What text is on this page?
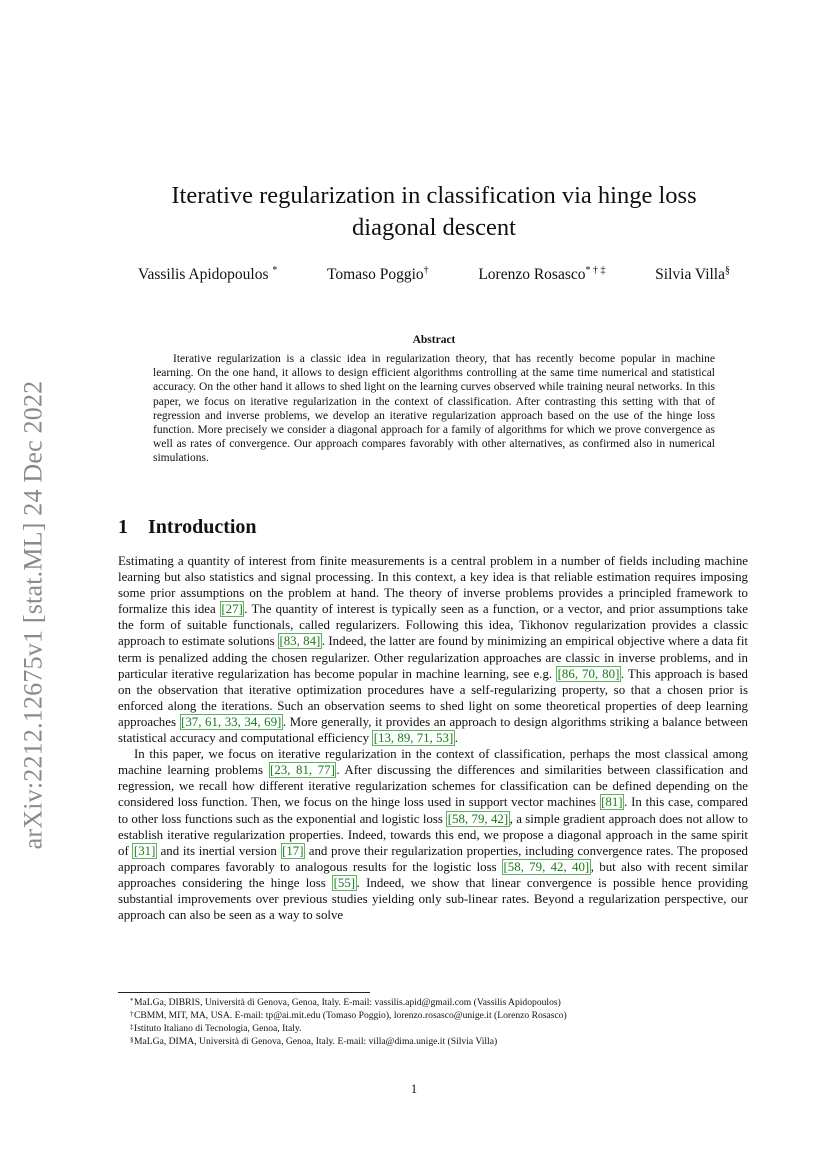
arXiv:2212.12675v1 [stat.ML] 24 Dec 2022
Iterative regularization in classification via hinge loss
diagonal descent
Vassilis Apidopoulos *	Tomaso Poggio†	Lorenzo Rosasco* † ‡	Silvia Villa§
Abstract

Iterative regularization is a classic idea in regularization theory, that has recently become popular in machine learning. On the one hand, it allows to design efficient algorithms controlling at the same time numerical and statistical accuracy. On the other hand it allows to shed light on the learning curves observed while training neural networks. In this paper, we focus on iterative regularization in the context of classification. After contrasting this setting with that of regression and inverse problems, we develop an iterative regularization approach based on the use of the hinge loss function. More precisely we consider a diagonal approach for a family of algorithms for which we prove convergence as well as rates of convergence. Our approach compares favorably with other alternatives, as confirmed also in numerical simulations.

1 Introduction

Estimating a quantity of interest from finite measurements is a central problem in a number of fields including machine learning but also statistics and signal processing. In this context, a key idea is that reliable estimation requires imposing some prior assumptions on the problem at hand. The theory of inverse problems provides a principled framework to formalize this idea [27] . The quantity of interest is typically seen as a function, or a vector, and prior assumptions take the form of suitable functionals, called regularizers. Following this idea, Tikhonov regularization provides a classic approach to estimate solutions [83, 84] . Indeed, the latter are found by minimizing an empirical objective where a data fit term is penalized adding the chosen regularizer. Other regularization approaches are classic in inverse problems, and in particular iterative regularization has become popular in machine learning, see e.g. [86, 70, 80] . This approach is based on the observation that iterative optimization procedures have a self-regularizing property, so that a chosen prior is enforced along the iterations. Such an observation seems to shed light on some theoretical properties of deep learning approaches [37, 61, 33, 34, 69] . More generally, it provides an approach to design algorithms striking a balance between statistical accuracy and computational efficiency [13, 89, 71, 53] .

In this paper, we focus on iterative regularization in the context of classification, perhaps the most classical among machine learning problems [23, 81, 77] . After discussing the differences and similarities between classification and regression, we recall how different iterative regularization schemes for classification can be defined depending on the considered loss function. Then, we focus on the hinge loss used in support vector machines [81] . In this case, compared to other loss functions such as the exponential and logistic loss [58, 79, 42] , a simple gradient approach does not allow to establish iterative regularization properties. Indeed, towards this end, we propose a diagonal approach in the same spirit of [31] and its inertial version [17] and prove their regularization properties, including convergence rates. The proposed approach compares favorably to analogous results for the logistic loss [58, 79, 42, 40] , but also with recent similar approaches considering the hinge loss [55] . Indeed, we show that linear convergence is possible hence providing substantial improvements over previous studies yielding only sub-linear rates. Beyond a regularization perspective, our approach can also be seen as a way to solve

* MaLGa, DIBRIS, Università di Genova, Genoa, Italy. E-mail: vassilis.apid@gmail.com (Vassilis Apidopoulos)
† CBMM, MIT, MA, USA. E-mail: tp@ai.mit.edu (Tomaso Poggio), lorenzo.rosasco@unige.it (Lorenzo Rosasco)
‡ Istituto Italiano di Tecnologia, Genoa, Italy.
§ MaLGa, DIMA, Università di Genova, Genoa, Italy. E-mail: villa@dima.unige.it (Silvia Villa)
1
